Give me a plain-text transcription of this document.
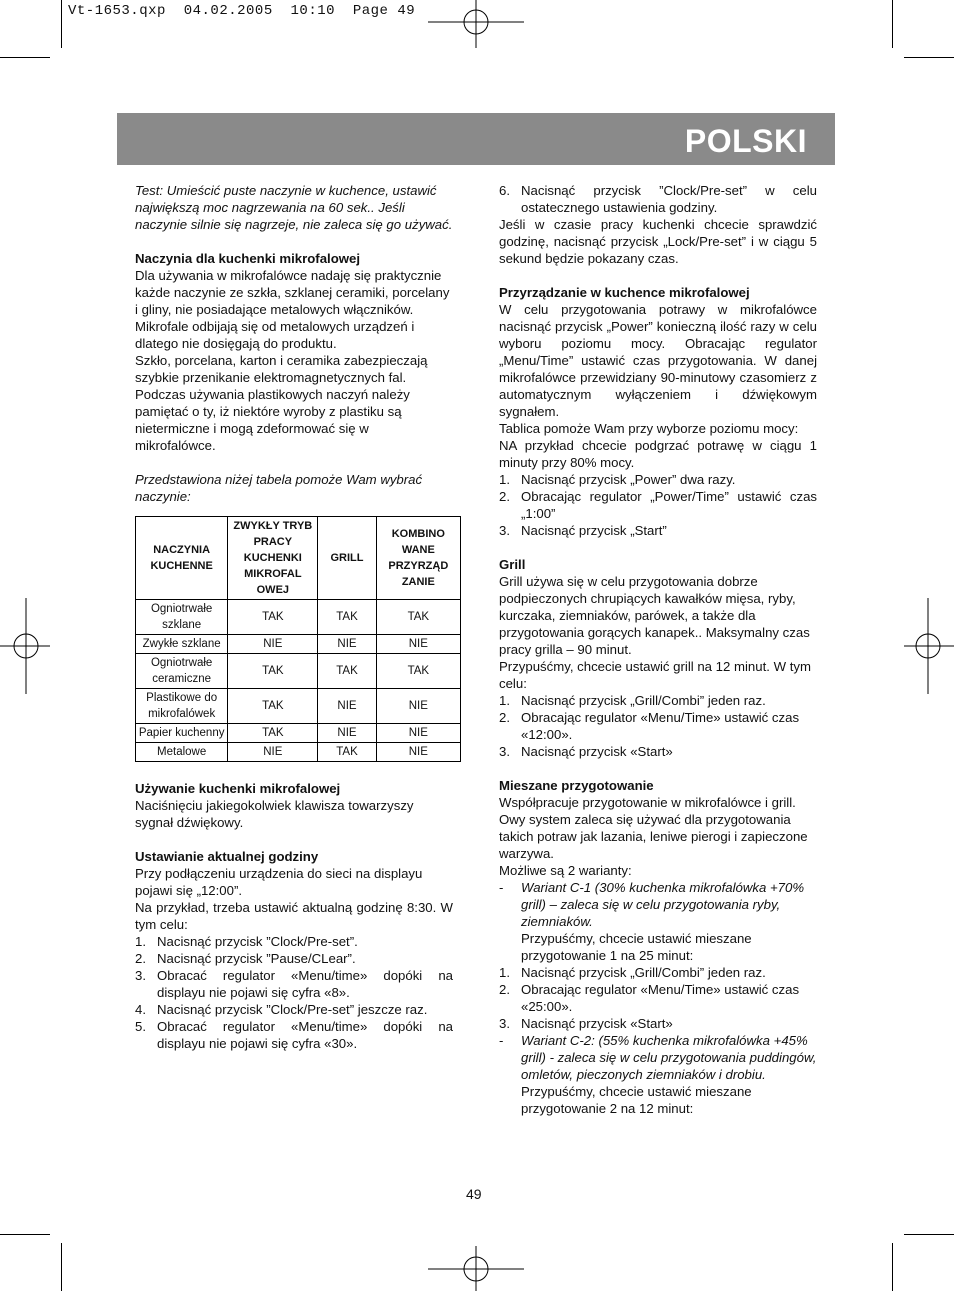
Vt-1653.qxp  04.02.2005  10:10  Page 49
POLSKI

Test: Umieścić puste naczynie w kuchence, ustawić największą moc nagrzewania na 60 sek.. Jeśli naczynie silnie się nagrzeje, nie zaleca się go używać.

Naczynia dla kuchenki mikrofalowej

Dla używania w mikrofalówce nadaję się praktycznie każde naczynie ze szkła, szklanej ceramiki, porcelany i gliny, nie posiadające metalowych włączników.

Mikrofale odbijają się od metalowych urządzeń i dlatego nie dosięgają do produktu.

Szkło, porcelana, karton i ceramika zabezpieczają szybkie przenikanie elektromagnetycznych fal.

Podczas używania plastikowych naczyń należy pamiętać o ty, iż niektóre wyroby z plastiku są nietermiczne i mogą zdeformować się w mikrofalówce.

Przedstawiona niżej tabela pomoże Wam wybrać naczynie:

NACZYNIA KUCHENNE	ZWYKŁY TRYB PRACY KUCHENKI MIKROFAL OWEJ	GRILL	KOMBINO WANE PRZYRZĄD ZANIE
Ogniotrwałe szklane	TAK	TAK	TAK
Zwykłe szklane	NIE	NIE	NIE
Ogniotrwałe ceramiczne	TAK	TAK	TAK
Plastikowe do mikrofalówek	TAK	NIE	NIE
Papier kuchenny	TAK	NIE	NIE
Metalowe	NIE	TAK	NIE

Używanie kuchenki mikrofalowej

Naciśnięciu jakiegokolwiek klawisza towarzyszy sygnał dźwiękowy.

Ustawianie aktualnej godziny

Przy podłączeniu urządzenia do sieci na displayu pojawi się „12:00”.

Na przykład, trzeba ustawić aktualną godzinę 8:30. W tym celu:

1. Nacisnąć przycisk ”Clock/Pre-set”.
2. Nacisnąć przycisk ”Pause/CLear”.
3. Obracać regulator «Menu/time» dopóki na displayu nie pojawi się cyfra «8».
4. Nacisnąć przycisk ”Clock/Pre-set” jeszcze raz.
5. Obracać regulator «Menu/time» dopóki na displayu nie pojawi się cyfra «30».
6. Nacisnąć przycisk ”Clock/Pre-set” w celu ostatecznego ustawienia godziny.

Jeśli w czasie pracy kuchenki chcecie sprawdzić godzinę, nacisnąć przycisk „Lock/Pre-set” i w ciągu 5 sekund będzie pokazany czas.

Przyrządzanie w kuchence mikrofalowej

W celu przygotowania potrawy w mikrofalówce nacisnąć przycisk „Power” konieczną ilość razy w celu wyboru poziomu mocy. Obracając regulator „Menu/Time” ustawić czas przygotowania. W danej mikrofalówce przewidziany 90-minutowy czasomierz z automatycznym wyłączeniem i dźwiękowym sygnałem.

Tablica pomoże Wam przy wyborze poziomu mocy:

NA przykład chcecie podgrzać potrawę w ciągu 1 minuty przy 80% mocy.

1. Nacisnąć przycisk „Power” dwa razy.
2. Obracając regulator „Power/Time” ustawić czas „1:00”
3. Nacisnąć przycisk „Start”

Grill

Grill używa się w celu przygotowania dobrze podpieczonych chrupiących kawałków mięsa, ryby, kurczaka, ziemniaków, parówek, a także dla przygotowania gorących kanapek.. Maksymalny czas pracy grilla – 90 minut.

Przypuśćmy, chcecie ustawić grill na 12 minut. W tym celu:

1. Nacisnąć przycisk „Grill/Combi” jeden raz.
2. Obracając regulator «Menu/Time» ustawić czas «12:00».
3. Nacisnąć przycisk «Start»

Mieszane przygotowanie

Współpracuje przygotowanie w mikrofalówce i grill. Owy system zaleca się używać dla przygotowania takich potraw jak lazania, leniwe pierogi i zapieczone warzywa.

Możliwe są 2 warianty:

- Wariant C-1 (30% kuchenka mikrofalówka +70% grill) – zaleca się w celu przygotowania ryby, ziemniaków.

Przypuśćmy, chcecie ustawić mieszane przygotowanie 1 na 25 minut:

1. Nacisnąć przycisk „Grill/Combi” jeden raz.
2. Obracając regulator «Menu/Time» ustawić czas «25:00».
3. Nacisnąć przycisk «Start»
- Wariant C-2: (55% kuchenka mikrofalówka +45% grill) - zaleca się w celu przygotowania puddingów, omletów, pieczonych ziemniaków i drobiu.

Przypuśćmy, chcecie ustawić mieszane przygotowanie 2 na 12 minut:

49
